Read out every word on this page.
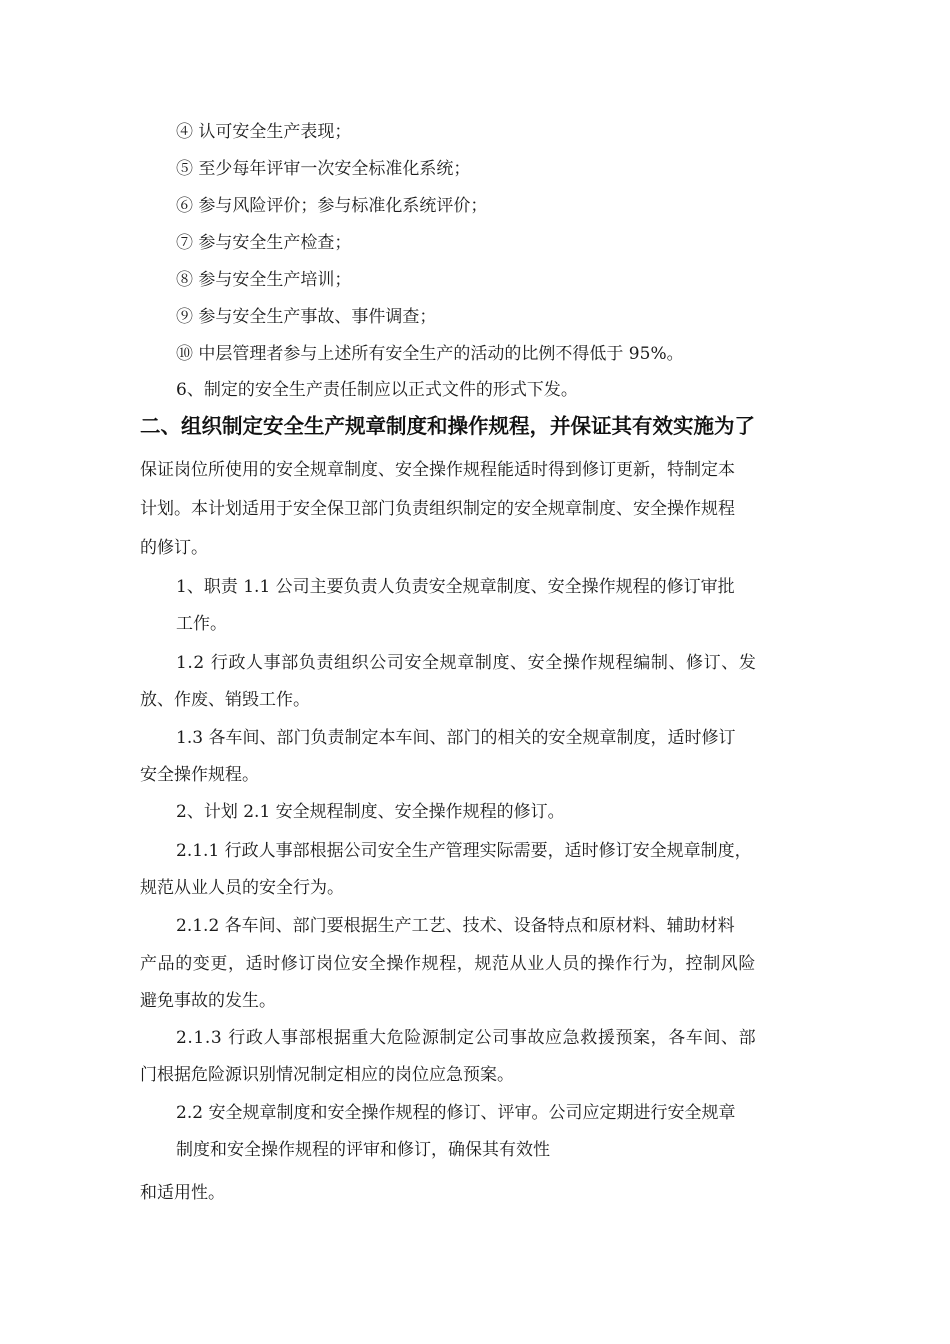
④ 认可安全生产表现；
⑤ 至少每年评审一次安全标准化系统；
⑥ 参与风险评价；参与标准化系统评价；
⑦ 参与安全生产检查；
⑧ 参与安全生产培训；
⑨ 参与安全生产事故、事件调查；
⑩ 中层管理者参与上述所有安全生产的活动的比例不得低于 95%。
6、制定的安全生产责任制应以正式文件的形式下发。
二、组织制定安全生产规章制度和操作规程，并保证其有效实施为了
保证岗位所使用的安全规章制度、安全操作规程能适时得到修订更新，特制定本
计划。本计划适用于安全保卫部门负责组织制定的安全规章制度、安全操作规程
的修订。
1、职责 1.1 公司主要负责人负责安全规章制度、安全操作规程的修订审批
工作。
1.2 行政人事部负责组织公司安全规章制度、安全操作规程编制、修订、发
放、作废、销毁工作。
1.3 各车间、部门负责制定本车间、部门的相关的安全规章制度，适时修订
安全操作规程。
2、计划 2.1 安全规程制度、安全操作规程的修订。
2.1.1 行政人事部根据公司安全生产管理实际需要，适时修订安全规章制度，
规范从业人员的安全行为。
2.1.2 各车间、部门要根据生产工艺、技术、设备特点和原材料、辅助材料
产品的变更，适时修订岗位安全操作规程，规范从业人员的操作行为，控制风险
避免事故的发生。
2.1.3 行政人事部根据重大危险源制定公司事故应急救援预案，各车间、部
门根据危险源识别情况制定相应的岗位应急预案。
2.2 安全规章制度和安全操作规程的修订、评审。公司应定期进行安全规章
制度和安全操作规程的评审和修订，确保其有效性
和适用性。
